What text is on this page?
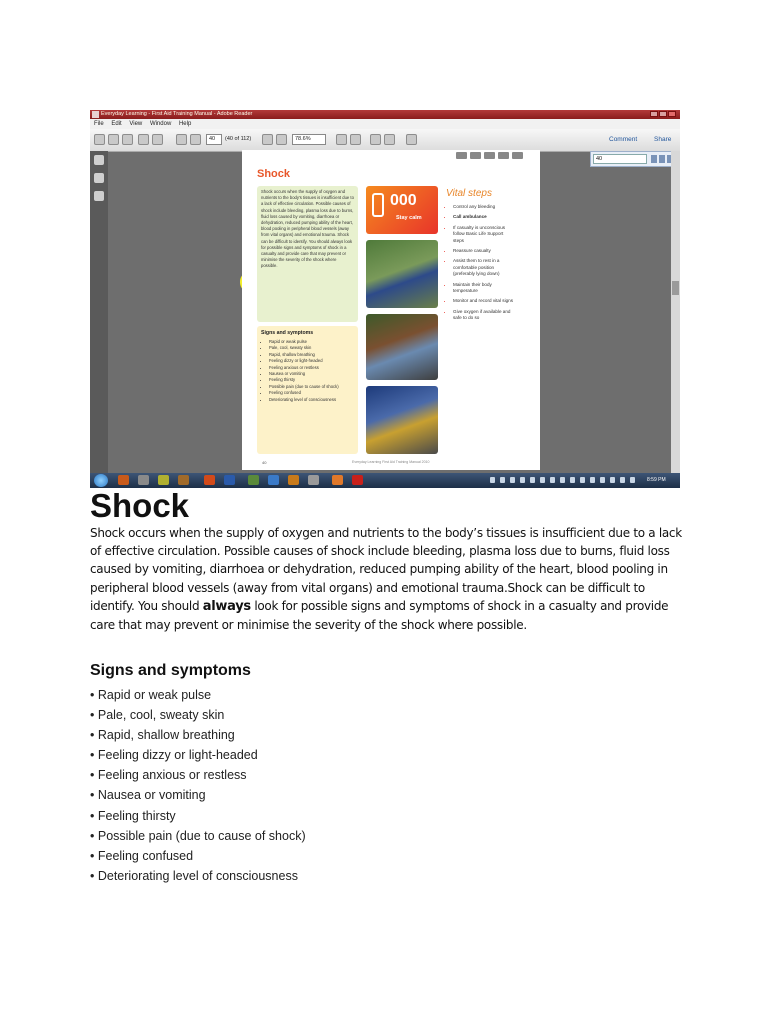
Everyday Learning - First Aid Training Manual - Adobe Reader
File Edit View Window Help
40	(40 of 112)	78.6%	Comment	Share
40
Shock

Shock occurs when the supply of oxygen and nutrients to the body's tissues is insufficient due to a lack of effective circulation. Possible causes of shock include bleeding, plasma loss due to burns, fluid loss caused by vomiting, diarrhoea or dehydration, reduced pumping ability of the heart, blood pooling in peripheral blood vessels (away from vital organs) and emotional trauma. Shock can be difficult to identify. You should always look for possible signs and symptoms of shock in a casualty and provide care that may prevent or minimise the severity of the shock where possible.

Signs and symptoms
• Rapid or weak pulse
• Pale, cool, sweaty skin
• Rapid, shallow breathing
• Feeling dizzy or light-headed
• Feeling anxious or restless
• Nausea or vomiting
• Feeling thirsty
• Possible pain (due to cause of shock)
• Feeling confused
• Deteriorating level of consciousness
000
Stay calm
Vital steps
• Control any bleeding
• Call ambulance
• If casualty is unconscious follow Basic Life Support steps
• Reassure casualty
• Assist them to rest in a comfortable position (preferably lying down)
• Maintain their body temperature
• Monitor and record vital signs
• Give oxygen if available and safe to do so
40	Everyday Learning First Aid Training Manual 2010
8:59 PM
Shock

Shock occurs when the supply of oxygen and nutrients to the body’s tissues is insufficient due to a lack of effective circulation. Possible causes of shock include bleeding, plasma loss due to burns, fluid loss caused by vomiting, diarrhoea or dehydration, reduced pumping ability of the heart, blood pooling in peripheral blood vessels (away from vital organs) and emotional trauma.Shock can be difficult to identify. You should always look for possible signs and symptoms of shock in a casualty and provide care that may prevent or minimise the severity of the shock where possible.

Signs and symptoms
• Rapid or weak pulse
• Pale, cool, sweaty skin
• Rapid, shallow breathing
• Feeling dizzy or light-headed
• Feeling anxious or restless
• Nausea or vomiting
• Feeling thirsty
• Possible pain (due to cause of shock)
• Feeling confused
• Deteriorating level of consciousness
